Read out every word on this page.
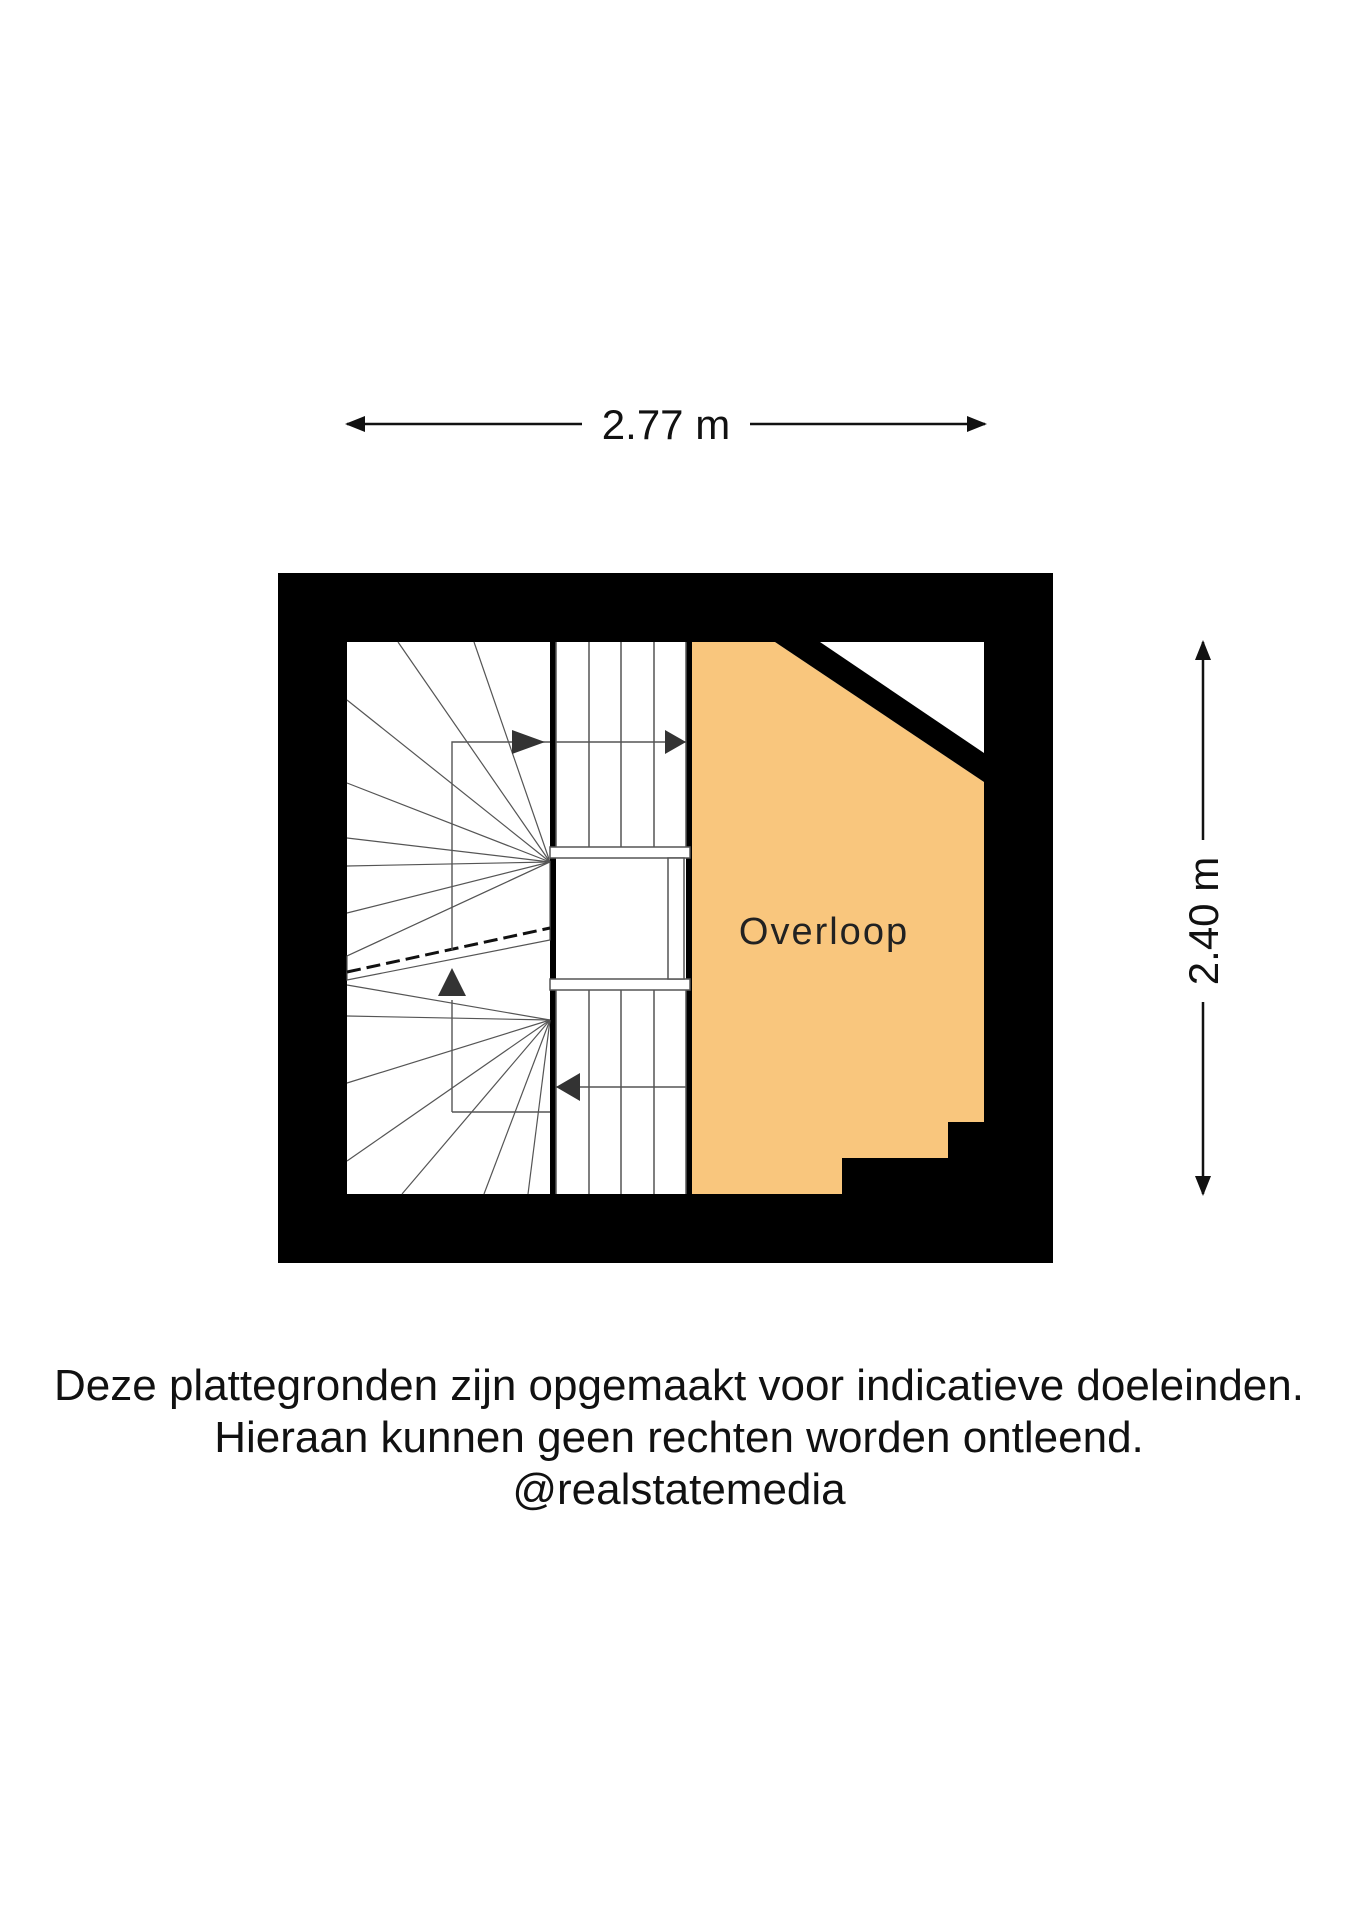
2.77 m
2.40 m
Overloop
Deze plattegronden zijn opgemaakt voor indicatieve doeleinden.
Hieraan kunnen geen rechten worden ontleend.
@realstatemedia
